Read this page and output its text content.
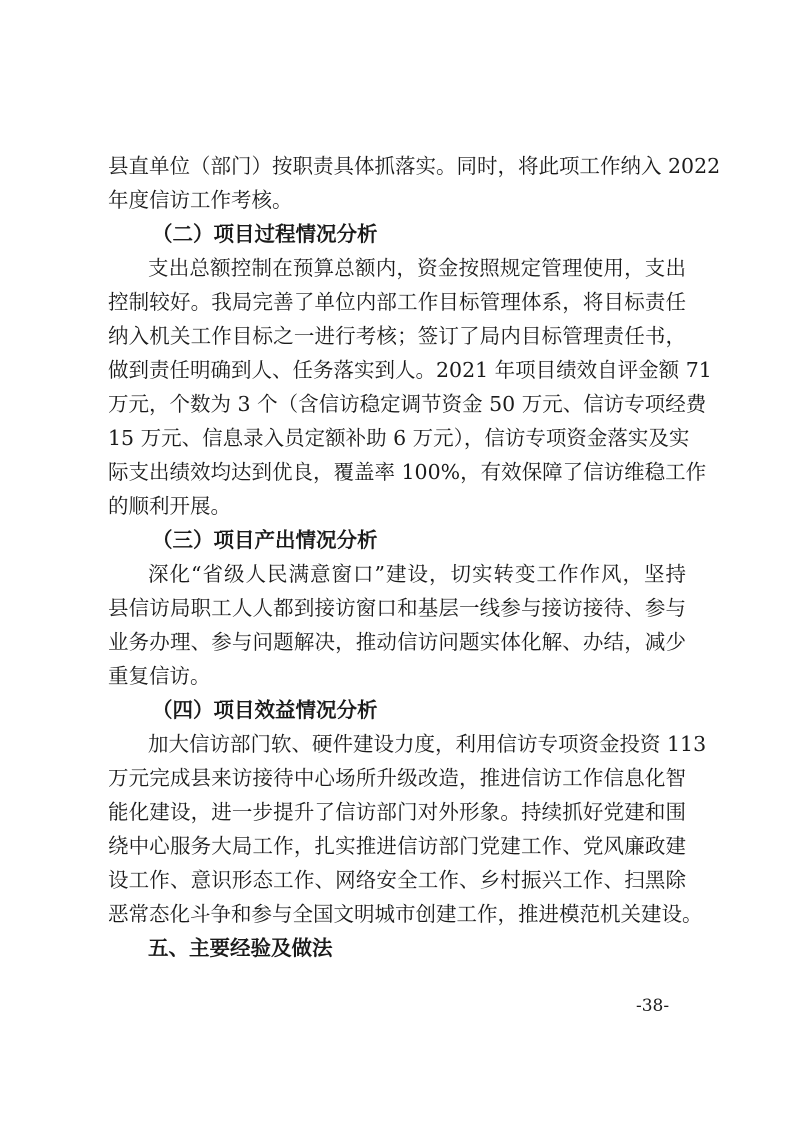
县直单位（部门）按职责具体抓落实。同时，将此项工作纳入 2022
年度信访工作考核。
（二）项目过程情况分析
支出总额控制在预算总额内，资金按照规定管理使用，支出
控制较好。我局完善了单位内部工作目标管理体系，将目标责任
纳入机关工作目标之一进行考核；签订了局内目标管理责任书，
做到责任明确到人、任务落实到人。2021 年项目绩效自评金额 71
万元，个数为 3 个（含信访稳定调节资金 50 万元、信访专项经费
15 万元、信息录入员定额补助 6 万元），信访专项资金落实及实
际支出绩效均达到优良，覆盖率 100%，有效保障了信访维稳工作
的顺利开展。
（三）项目产出情况分析
深化“省级人民满意窗口”建设，切实转变工作作风，坚持
县信访局职工人人都到接访窗口和基层一线参与接访接待、参与
业务办理、参与问题解决，推动信访问题实体化解、办结，减少
重复信访。
（四）项目效益情况分析
加大信访部门软、硬件建设力度，利用信访专项资金投资 113
万元完成县来访接待中心场所升级改造，推进信访工作信息化智
能化建设，进一步提升了信访部门对外形象。持续抓好党建和围
绕中心服务大局工作，扎实推进信访部门党建工作、党风廉政建
设工作、意识形态工作、网络安全工作、乡村振兴工作、扫黑除
恶常态化斗争和参与全国文明城市创建工作，推进模范机关建设。
五、主要经验及做法
-38-
